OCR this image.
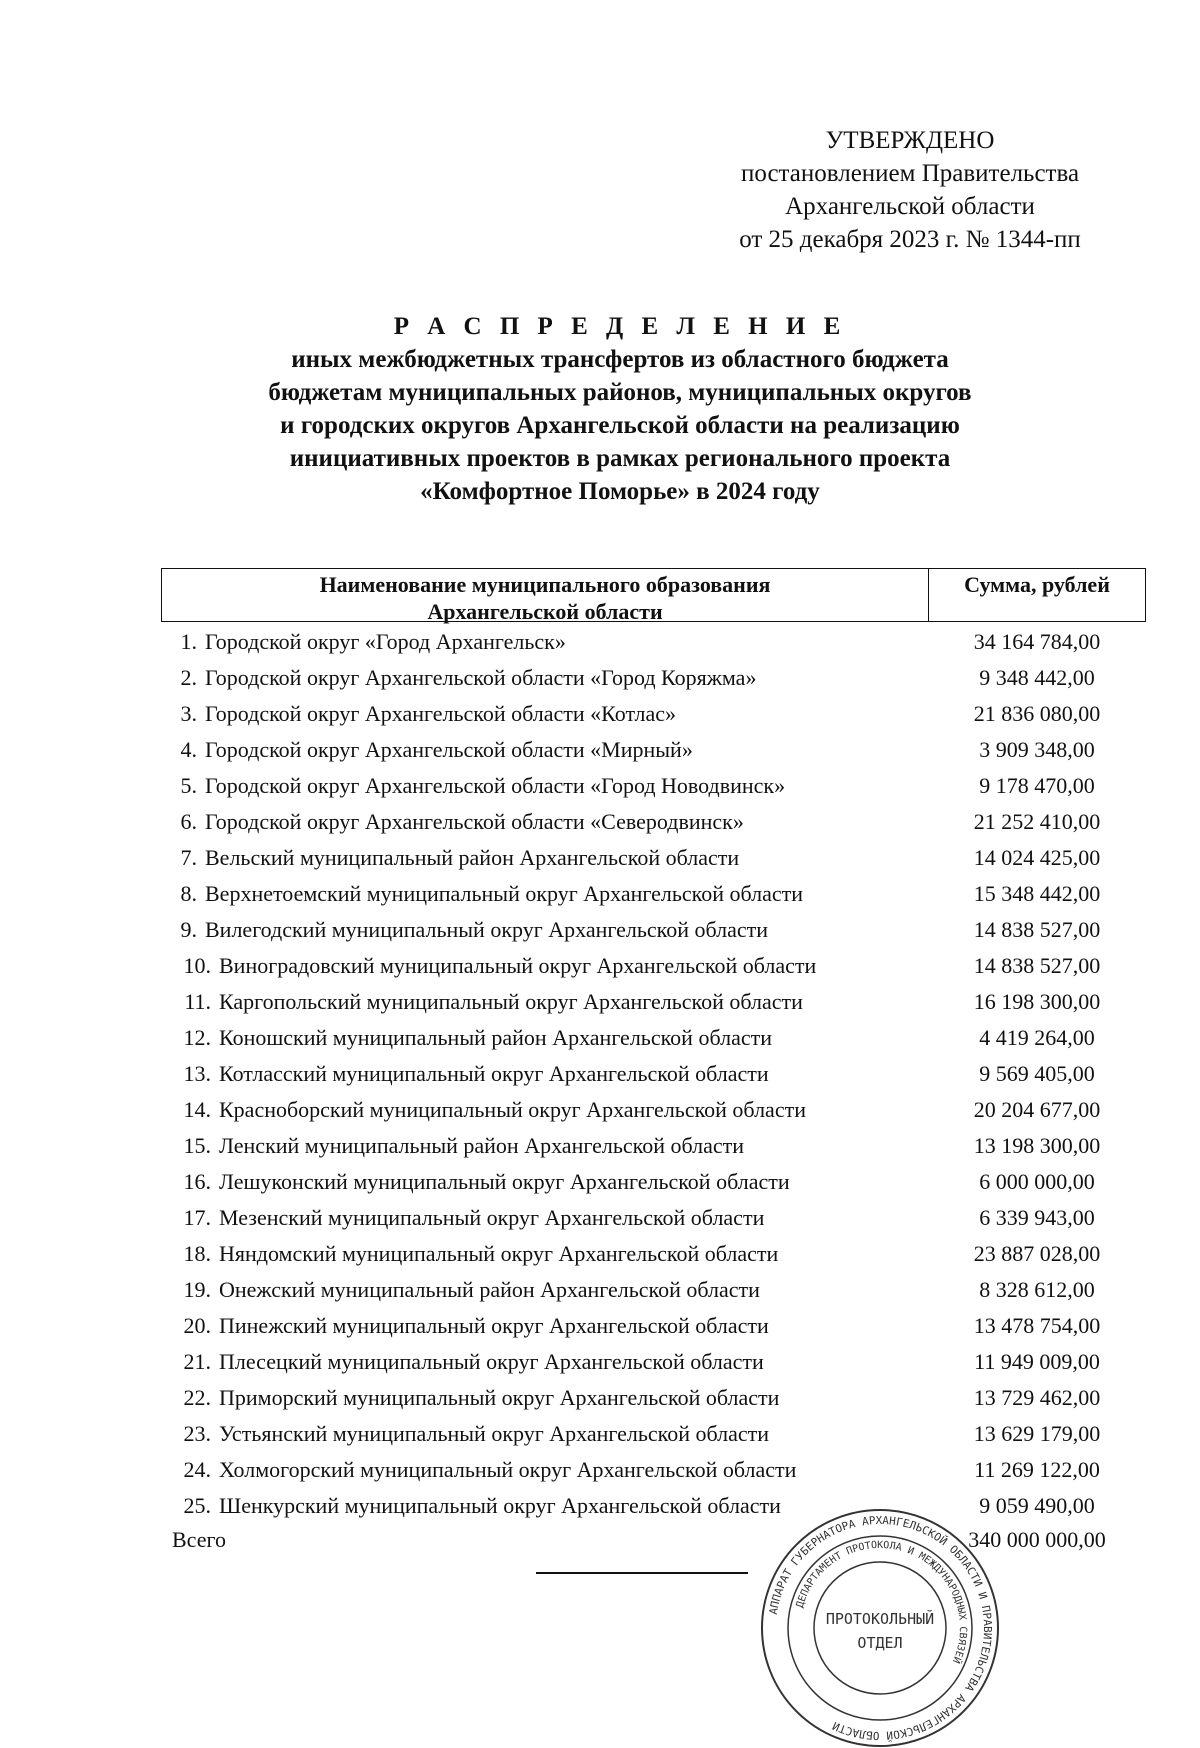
УТВЕРЖДЕНО
постановлением Правительства
Архангельской области
от 25 декабря 2023 г. № 1344-пп
Р А С П Р Е Д Е Л Е Н И Е
иных межбюджетных трансфертов из областного бюджета
бюджетам муниципальных районов, муниципальных округов
и городских округов Архангельской области на реализацию
инициативных проектов в рамках регионального проекта
«Комфортное Поморье» в 2024 году
Наименование муниципального образования
Архангельской области
Сумма, рублей
1. Городской округ «Город Архангельск»	34 164 784,00
2. Городской округ Архангельской области «Город Коряжма»	9 348 442,00
3. Городской округ Архангельской области «Котлас»	21 836 080,00
4. Городской округ Архангельской области «Мирный»	3 909 348,00
5. Городской округ Архангельской области «Город Новодвинск»	9 178 470,00
6. Городской округ Архангельской области «Северодвинск»	21 252 410,00
7. Вельский муниципальный район Архангельской области	14 024 425,00
8. Верхнетоемский муниципальный округ Архангельской области	15 348 442,00
9. Вилегодский муниципальный округ Архангельской области	14 838 527,00
10. Виноградовский муниципальный округ Архангельской области	14 838 527,00
11. Каргопольский муниципальный округ Архангельской области	16 198 300,00
12. Коношский муниципальный район Архангельской области	4 419 264,00
13. Котласский муниципальный округ Архангельской области	9 569 405,00
14. Красноборский муниципальный округ Архангельской области	20 204 677,00
15. Ленский муниципальный район Архангельской области	13 198 300,00
16. Лешуконский муниципальный округ Архангельской области	6 000 000,00
17. Мезенский муниципальный округ Архангельской области	6 339 943,00
18. Няндомский муниципальный округ Архангельской области	23 887 028,00
19. Онежский муниципальный район Архангельской области	8 328 612,00
20. Пинежский муниципальный округ Архангельской области	13 478 754,00
21. Плесецкий муниципальный округ Архангельской области	11 949 009,00
22. Приморский муниципальный округ Архангельской области	13 729 462,00
23. Устьянский муниципальный округ Архангельской области	13 629 179,00
24. Холмогорский муниципальный округ Архангельской области	11 269 122,00
25. Шенкурский муниципальный округ Архангельской области	9 059 490,00
Всего	340 000 000,00
АППАРАТ ГУБЕРНАТОРА АРХАНГЕЛЬСКОЙ ОБЛАСТИ И ПРАВИТЕЛЬСТВА АРХАНГЕЛЬСКОЙ ОБЛАСТИ
ДЕПАРТАМЕНТ ПРОТОКОЛА И МЕЖДУНАРОДНЫХ СВЯЗЕЙ
ПРОТОКОЛЬНЫЙ
ОТДЕЛ
